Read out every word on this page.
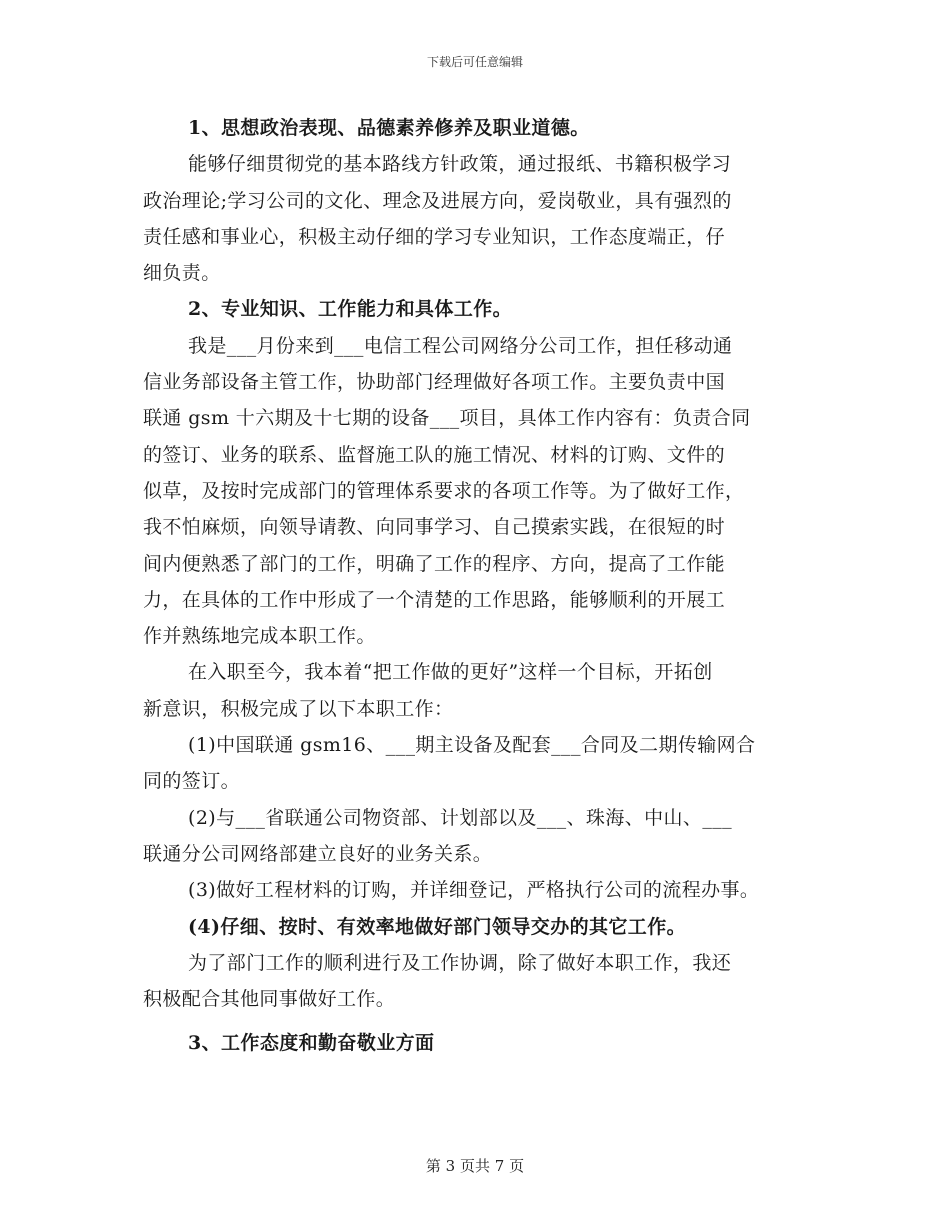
下载后可任意编辑
1、思想政治表现、品德素养修养及职业道德。
能够仔细贯彻党的基本路线方针政策，通过报纸、书籍积极学习
政治理论;学习公司的文化、理念及进展方向，爱岗敬业，具有强烈的
责任感和事业心，积极主动仔细的学习专业知识，工作态度端正，仔
细负责。
2、专业知识、工作能力和具体工作。
我是___月份来到___电信工程公司网络分公司工作，担任移动通
信业务部设备主管工作，协助部门经理做好各项工作。主要负责中国
联通 gsm 十六期及十七期的设备___项目，具体工作内容有：负责合同
的签订、业务的联系、监督施工队的施工情况、材料的订购、文件的
似草，及按时完成部门的管理体系要求的各项工作等。为了做好工作，
我不怕麻烦，向领导请教、向同事学习、自己摸索实践，在很短的时
间内便熟悉了部门的工作，明确了工作的程序、方向，提高了工作能
力，在具体的工作中形成了一个清楚的工作思路，能够顺利的开展工
作并熟练地完成本职工作。
在入职至今，我本着“把工作做的更好”这样一个目标，开拓创
新意识，积极完成了以下本职工作：
(1)中国联通 gsm16、___期主设备及配套___合同及二期传输网合
同的签订。
(2)与___省联通公司物资部、计划部以及___、珠海、中山、___
联通分公司网络部建立良好的业务关系。
(3)做好工程材料的订购，并详细登记，严格执行公司的流程办事。
(4)仔细、按时、有效率地做好部门领导交办的其它工作。
为了部门工作的顺利进行及工作协调，除了做好本职工作，我还
积极配合其他同事做好工作。
3、工作态度和勤奋敬业方面
第 3 页共 7 页
